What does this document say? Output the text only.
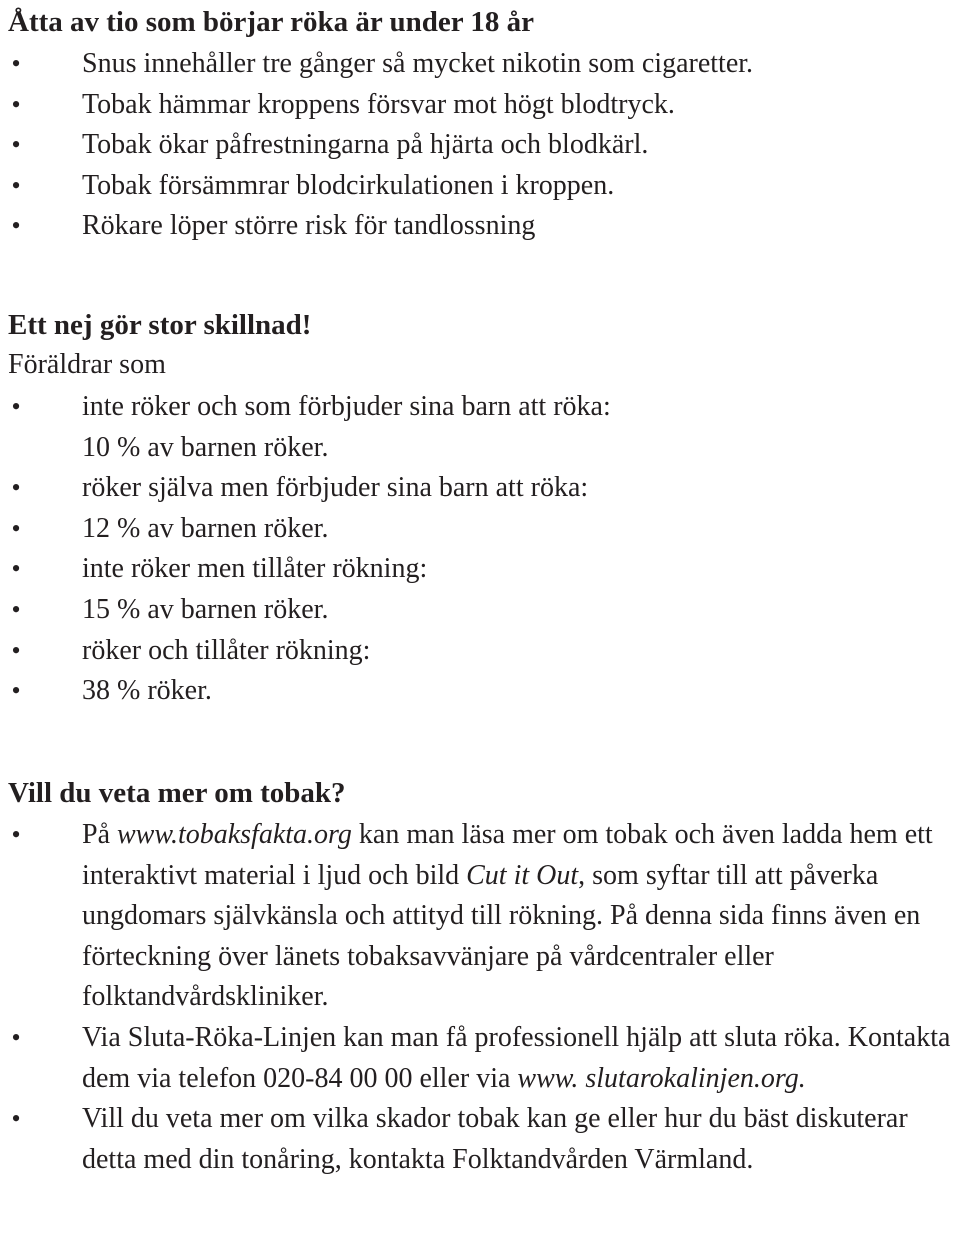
Åtta av tio som börjar röka är under 18 år
• Snus innehåller tre gånger så mycket nikotin som cigaretter.
• Tobak hämmar kroppens försvar mot högt blodtryck.
• Tobak ökar påfrestningarna på hjärta och blodkärl.
• Tobak försämmrar blodcirkulationen i kroppen.
• Rökare löper större risk för tandlossning
Ett nej gör stor skillnad!

Föräldrar som

• inte röker och som förbjuder sina barn att röka:
10 % av barnen röker.
• röker själva men förbjuder sina barn att röka:
• 12 % av barnen röker.
• inte röker men tillåter rökning:
• 15 % av barnen röker.
• röker och tillåter rökning:
• 38 % röker.
Vill du veta mer om tobak?
• På www.tobaksfakta.org kan man läsa mer om tobak och även ladda hem ett interaktivt material i ljud och bild Cut it Out, som syftar till att påverka ungdomars självkänsla och attityd till rökning. På denna sida finns även en förteckning över länets tobaksavvänjare på vårdcentraler eller folktandvårdskliniker.
• Via Sluta-Röka-Linjen kan man få professionell hjälp att sluta röka. Kontakta dem via telefon 020-84 00 00 eller via www. slutarokalinjen.org.
• Vill du veta mer om vilka skador tobak kan ge eller hur du bäst diskuterar detta med din tonåring, kontakta Folktandvården Värmland.
